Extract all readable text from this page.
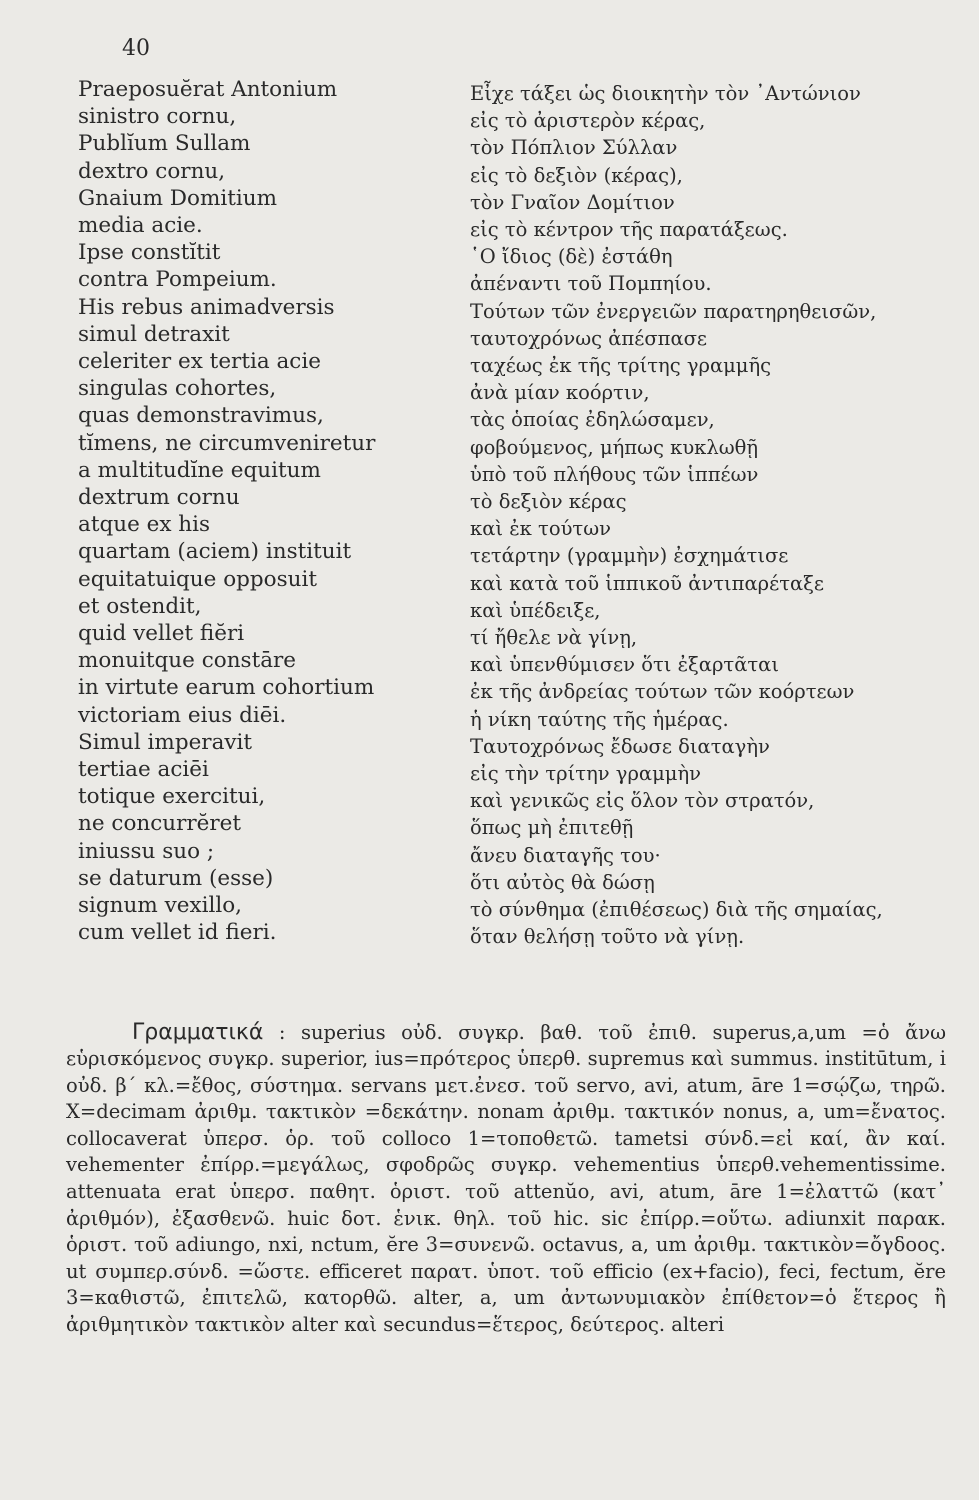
40
Praeposuĕrat Antonium
sinistro cornu,
Publĭum Sullam
dextro cornu,
Gnaium Domitium
media acie.
Ipse constĭtit
contra Pompeium.
His rebus animadversis
simul detraxit
celeriter ex tertia acie
singulas cohortes,
quas demonstravimus,
tĭmens, ne circumveniretur
a multitudĭne equitum
dextrum cornu
atque ex his
quartam (aciem) instituit
equitatuique opposuit
et ostendit,
quid vellet fiĕri
monuitque constāre
in virtute earum cohortium
victoriam eius diēi.
Simul imperavit
tertiae aciēi
totique exercitui,
ne concurrĕret
iniussu suo ;
se daturum (esse)
signum vexillo,
cum vellet id fieri.
Εἶχε τάξει ὡς διοικητὴν τὸν ᾿Αντώνιον
εἰς τὸ ἀριστερὸν κέρας,
τὸν Πόπλιον Σύλλαν
εἰς τὸ δεξιὸν (κέρας),
τὸν Γναῖον Δομίτιον
εἰς τὸ κέντρον τῆς παρατάξεως.
῾Ο ἴδιος (δὲ) ἐστάθη
ἀπέναντι τοῦ Πομπηίου.
Τούτων τῶν ἐνεργειῶν παρατηρηθεισῶν,
ταυτοχρόνως ἀπέσπασε
ταχέως ἐκ τῆς τρίτης γραμμῆς
ἀνὰ μίαν κοόρτιν,
τὰς ὁποίας ἐδηλώσαμεν,
φοβούμενος, μήπως κυκλωθῇ
ὑπὸ τοῦ πλήθους τῶν ἱππέων
τὸ δεξιὸν κέρας
καὶ ἐκ τούτων
τετάρτην (γραμμὴν) ἐσχημάτισε
καὶ κατὰ τοῦ ἱππικοῦ ἀντιπαρέταξε
καὶ ὑπέδειξε,
τί ἤθελε νὰ γίνῃ,
καὶ ὑπενθύμισεν ὅτι ἐξαρτᾶται
ἐκ τῆς ἀνδρείας τούτων τῶν κοόρτεων
ἡ νίκη ταύτης τῆς ἡμέρας.
Ταυτοχρόνως ἔδωσε διαταγὴν
εἰς τὴν τρίτην γραμμὴν
καὶ γενικῶς εἰς ὅλον τὸν στρατόν,
ὅπως μὴ ἐπιτεθῇ
ἄνευ διαταγῆς του·
ὅτι αὐτὸς θὰ δώσῃ
τὸ σύνθημα (ἐπιθέσεως) διὰ τῆς σημαίας,
ὅταν θελήσῃ τοῦτο νὰ γίνῃ.

Γραμματικά : superius οὐδ. συγκρ. βαθ. τοῦ ἐπιθ. superus,a,um =ὁ ἄνω εὑρισκόμενος συγκρ. superior, ius=πρότερος ὑπερθ. supremus καὶ summus. institūtum, i οὐδ. β΄ κλ.=ἔθος, σύστημα. servans μετ.ἐνεσ. τοῦ servo, avi, atum, āre 1=σῴζω, τηρῶ. X=decimam ἀριθμ. τακτικὸν =δεκάτην. nonam ἀριθμ. τακτικόν nonus, a, um=ἔνατος. collocaverat ὑπερσ. ὁρ. τοῦ colloco 1=τοποθετῶ. tametsi σύνδ.=εἰ καί, ἂν καί. vehementer ἐπίρρ.=μεγάλως, σφοδρῶς συγκρ. vehementius ὑπερθ.vehementissime. attenuata erat ὑπερσ. παθητ. ὁριστ. τοῦ attenŭo, avi, atum, āre 1=ἐλαττῶ (κατ᾿ ἀριθμόν), ἐξασθενῶ. huic δοτ. ἑνικ. θηλ. τοῦ hic. sic ἐπίρρ.=οὕτω. adiunxit παρακ. ὁριστ. τοῦ adiungo, nxi, nctum, ĕre 3=συνενῶ. octavus, a, um ἀριθμ. τακτικὸν=ὄγδοος. ut συμπερ.σύνδ. =ὥστε. efficeret παρατ. ὑποτ. τοῦ efficio (ex+facio), feci, fectum, ĕre 3=καθιστῶ, ἐπιτελῶ, κατορθῶ. alter, a, um ἀντωνυμιακὸν ἐπίθετον=ὁ ἕτερος ἢ ἀριθμητικὸν τακτικὸν alter καὶ secundus=ἕτερος, δεύτερος. alteri
